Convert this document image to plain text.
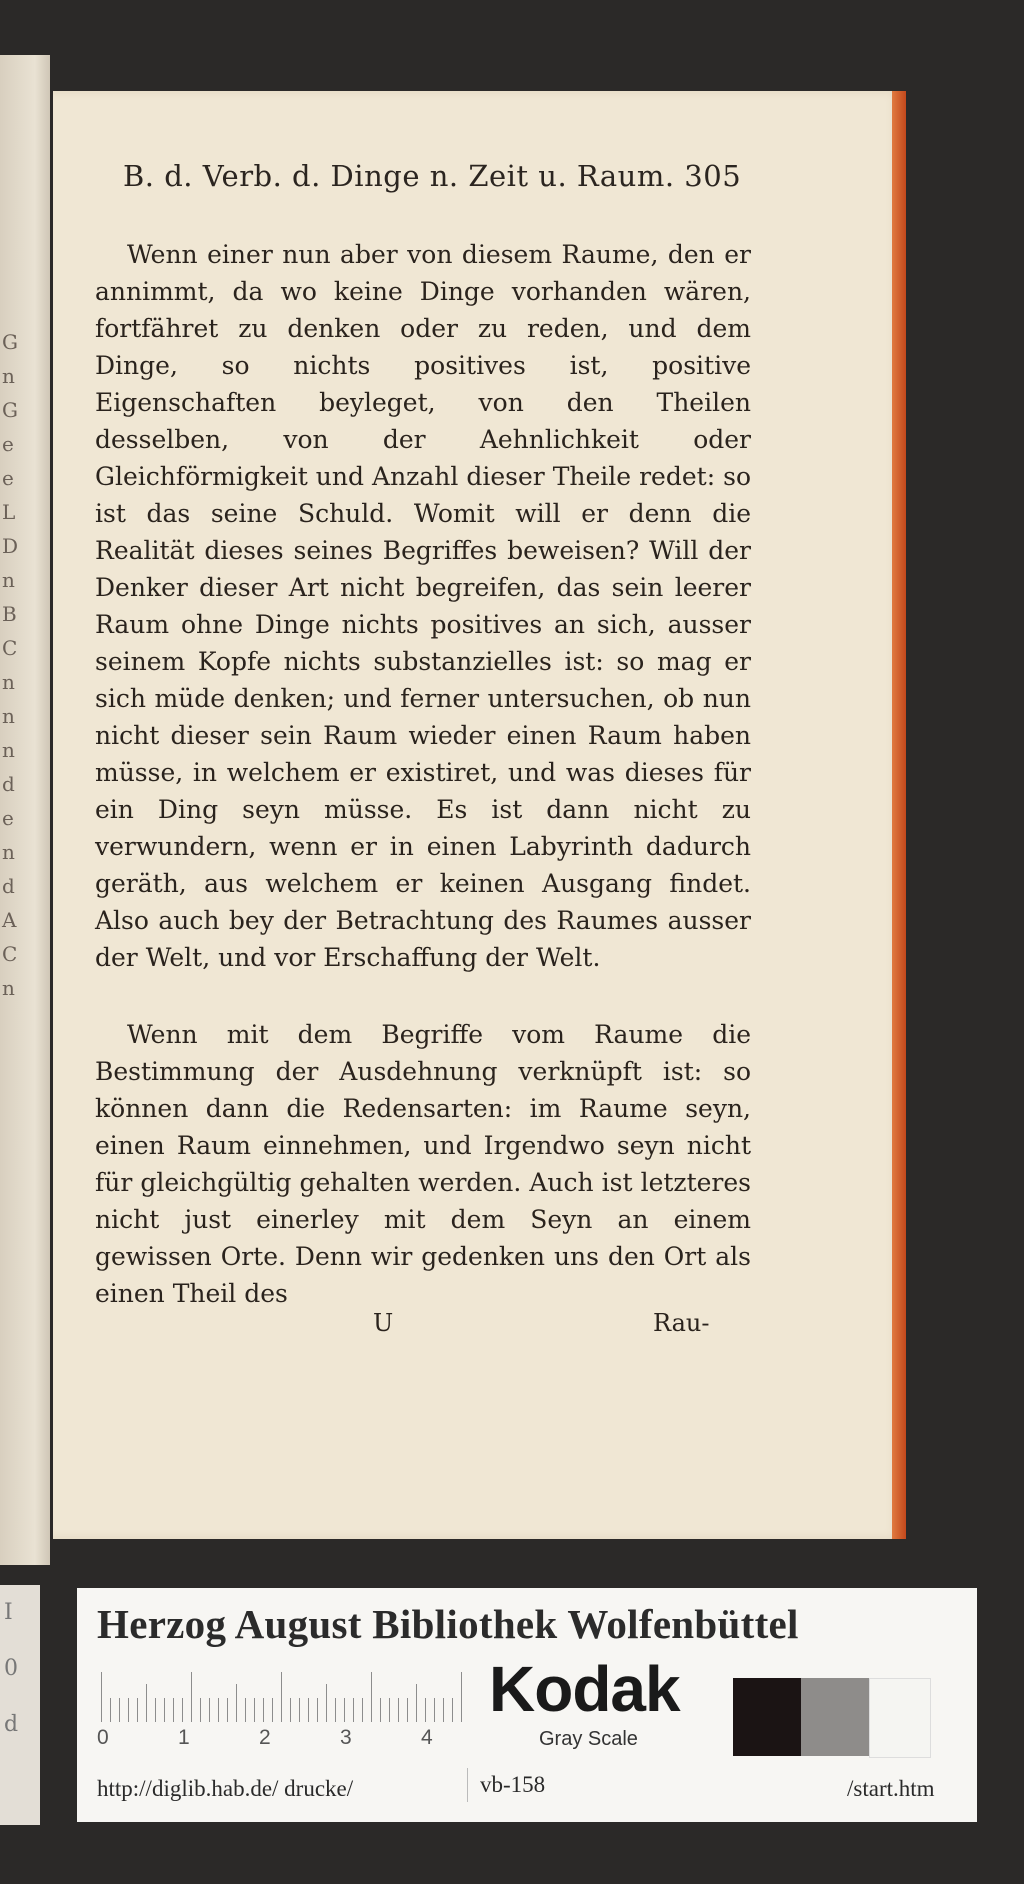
G
n
G
e
e
L
D
n
B
C
n
n
n
d
e
n
d
A
C
n
I
0
d
B. d. Verb. d. Dinge n. Zeit u. Raum. 305
Wenn einer nun aber von diesem Raume, den er annimmt, da wo keine Dinge vorhanden wären, fortfähret zu denken oder zu reden, und dem Dinge, so nichts positives ist, positive Eigenschaften beyleget, von den Theilen desselben, von der Aehnlichkeit oder Gleichförmigkeit und Anzahl dieser Theile redet: so ist das seine Schuld. Womit will er denn die Realität dieses seines Begriffes beweisen? Will der Denker dieser Art nicht begreifen, das sein leerer Raum ohne Dinge nichts positives an sich, ausser seinem Kopfe nichts substanzielles ist: so mag er sich müde denken; und ferner untersuchen, ob nun nicht dieser sein Raum wieder einen Raum haben müsse, in welchem er existiret, und was dieses für ein Ding seyn müsse. Es ist dann nicht zu verwundern, wenn er in einen Labyrinth dadurch geräth, aus welchem er keinen Ausgang findet. Also auch bey der Betrachtung des Raumes ausser der Welt, und vor Erschaffung der Welt.
Wenn mit dem Begriffe vom Raume die Bestimmung der Ausdehnung verknüpft ist: so können dann die Redensarten: im Raume seyn, einen Raum einnehmen, und Irgendwo seyn nicht für gleichgültig gehalten werden. Auch ist letzteres nicht just einerley mit dem Seyn an einem gewissen Orte. Denn wir gedenken uns den Ort als einen Theil des
U	Rau-
Herzog August Bibliothek Wolfenbüttel
0	1	2	3	4
Kodak
Gray Scale
http://diglib.hab.de/ drucke/	vb-158	/start.htm
